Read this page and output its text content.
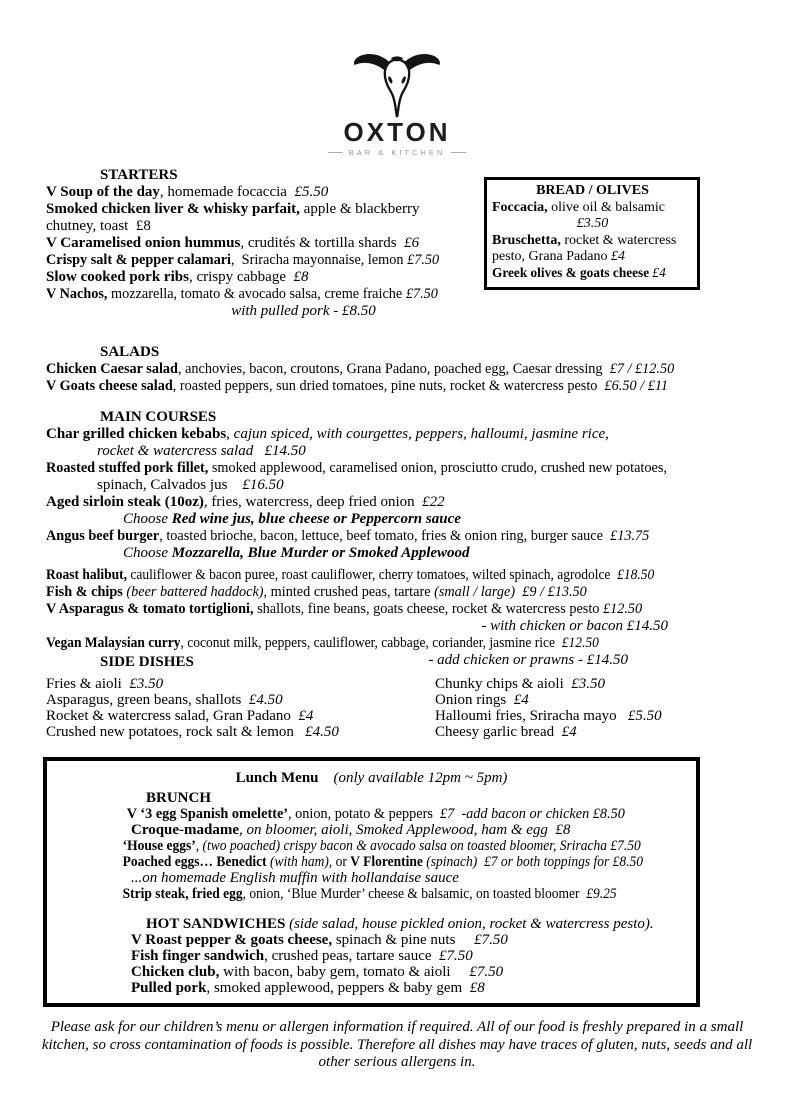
OXTON
BAR & KITCHEN
STARTERS
V Soup of the day, homemade focaccia  £5.50
Smoked chicken liver & whisky parfait, apple & blackberry
chutney, toast  £8
V Caramelised onion hummus, crudités & tortilla shards  £6
Crispy salt & pepper calamari,  Sriracha mayonnaise, lemon £7.50
Slow cooked pork ribs, crispy cabbage  £8
V Nachos, mozzarella, tomato & avocado salsa, creme fraiche £7.50
with pulled pork - £8.50
BREAD / OLIVES
Foccacia, olive oil & balsamic
£3.50
Bruschetta, rocket & watercress
pesto, Grana Padano £4
Greek olives & goats cheese £4
SALADS
Chicken Caesar salad, anchovies, bacon, croutons, Grana Padano, poached egg, Caesar dressing  £7 / £12.50
V Goats cheese salad, roasted peppers, sun dried tomatoes, pine nuts, rocket & watercress pesto  £6.50 / £11
MAIN COURSES
Char grilled chicken kebabs, cajun spiced, with courgettes, peppers, halloumi, jasmine rice,
rocket & watercress salad   £14.50
Roasted stuffed pork fillet, smoked applewood, caramelised onion, prosciutto crudo, crushed new potatoes,
spinach, Calvados jus    £16.50
Aged sirloin steak (10oz), fries, watercress, deep fried onion  £22
Choose Red wine jus, blue cheese or Peppercorn sauce
Angus beef burger, toasted brioche, bacon, lettuce, beef tomato, fries & onion ring, burger sauce  £13.75
Choose Mozzarella, Blue Murder or Smoked Applewood
Roast halibut, cauliflower & bacon puree, roast cauliflower, cherry tomatoes, wilted spinach, agrodolce  £18.50
Fish & chips (beer battered haddock), minted crushed peas, tartare (small / large) £9 / £13.50
V Asparagus & tomato tortiglioni, shallots, fine beans, goats cheese, rocket & watercress pesto £12.50
- with chicken or bacon £14.50
Vegan Malaysian curry, coconut milk, peppers, cauliflower, cabbage, coriander, jasmine rice  £12.50
- add chicken or prawns - £14.50
SIDE DISHES
Fries & aioli  £3.50
Asparagus, green beans, shallots  £4.50
Rocket & watercress salad, Gran Padano  £4
Crushed new potatoes, rock salt & lemon   £4.50
Chunky chips & aioli  £3.50
Onion rings  £4
Halloumi fries, Sriracha mayo   £5.50
Cheesy garlic bread  £4
Lunch Menu (only available 12pm ~ 5pm)
BRUNCH
V ‘3 egg Spanish omelette’, onion, potato & peppers  £7  -add bacon or chicken £8.50
Croque-madame, on bloomer, aioli, Smoked Applewood, ham & egg  £8
‘House eggs’, (two poached) crispy bacon & avocado salsa on toasted bloomer, Sriracha £7.50
Poached eggs… Benedict (with ham), or V Florentine (spinach) £7 or both toppings for £8.50
...on homemade English muffin with hollandaise sauce
Strip steak, fried egg, onion, ‘Blue Murder’ cheese & balsamic, on toasted bloomer  £9.25
HOT SANDWICHES (side salad, house pickled onion, rocket & watercress pesto).
V Roast pepper & goats cheese, spinach & pine nuts     £7.50
Fish finger sandwich, crushed peas, tartare sauce  £7.50
Chicken club, with bacon, baby gem, tomato & aioli     £7.50
Pulled pork, smoked applewood, peppers & baby gem  £8
Please ask for our children’s menu or allergen information if required. All of our food is freshly prepared in a small
kitchen, so cross contamination of foods is possible. Therefore all dishes may have traces of gluten, nuts, seeds and all
other serious allergens in.
